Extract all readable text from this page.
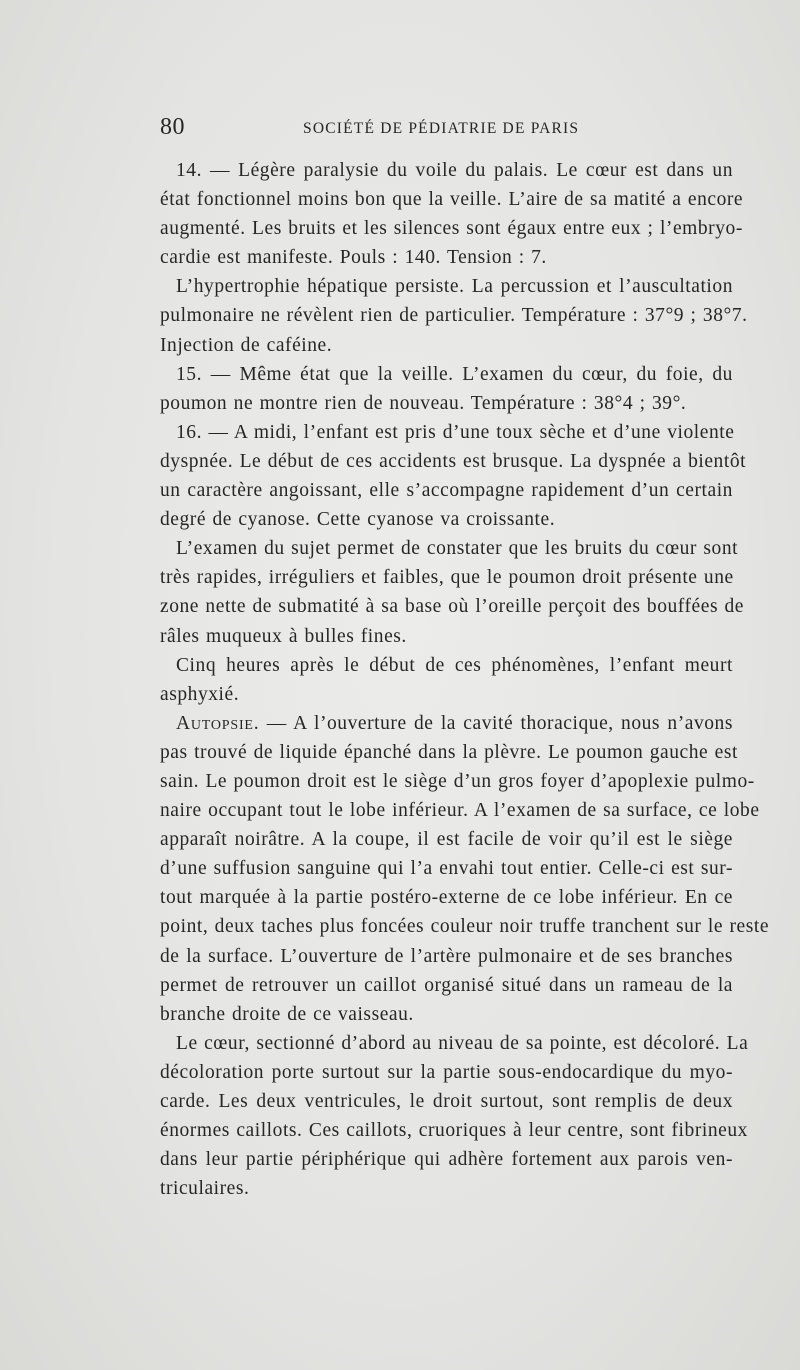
80	SOCIÉTÉ DE PÉDIATRIE DE PARIS
14. — Légère paralysie du voile du palais. Le cœur est dans un
état fonctionnel moins bon que la veille. L’aire de sa matité a encore
augmenté. Les bruits et les silences sont égaux entre eux ; l’embryo-
cardie est manifeste. Pouls : 140. Tension : 7.
L’hypertrophie hépatique persiste. La percussion et l’auscultation
pulmonaire ne révèlent rien de particulier. Température : 37°9 ; 38°7.
Injection de caféine.
15. — Même état que la veille. L’examen du cœur, du foie, du
poumon ne montre rien de nouveau. Température : 38°4 ; 39°.
16. — A midi, l’enfant est pris d’une toux sèche et d’une violente
dyspnée. Le début de ces accidents est brusque. La dyspnée a bientôt
un caractère angoissant, elle s’accompagne rapidement d’un certain
degré de cyanose. Cette cyanose va croissante.
L’examen du sujet permet de constater que les bruits du cœur sont
très rapides, irréguliers et faibles, que le poumon droit présente une
zone nette de submatité à sa base où l’oreille perçoit des bouffées de
râles muqueux à bulles fines.
Cinq heures après le début de ces phénomènes, l’enfant meurt
asphyxié.
Autopsie. — A l’ouverture de la cavité thoracique, nous n’avons
pas trouvé de liquide épanché dans la plèvre. Le poumon gauche est
sain. Le poumon droit est le siège d’un gros foyer d’apoplexie pulmo-
naire occupant tout le lobe inférieur. A l’examen de sa surface, ce lobe
apparaît noirâtre. A la coupe, il est facile de voir qu’il est le siège
d’une suffusion sanguine qui l’a envahi tout entier. Celle-ci est sur-
tout marquée à la partie postéro-externe de ce lobe inférieur. En ce
point, deux taches plus foncées couleur noir truffe tranchent sur le reste
de la surface. L’ouverture de l’artère pulmonaire et de ses branches
permet de retrouver un caillot organisé situé dans un rameau de la
branche droite de ce vaisseau.
Le cœur, sectionné d’abord au niveau de sa pointe, est décoloré. La
décoloration porte surtout sur la partie sous-endocardique du myo-
carde. Les deux ventricules, le droit surtout, sont remplis de deux
énormes caillots. Ces caillots, cruoriques à leur centre, sont fibrineux
dans leur partie périphérique qui adhère fortement aux parois ven-
triculaires.
